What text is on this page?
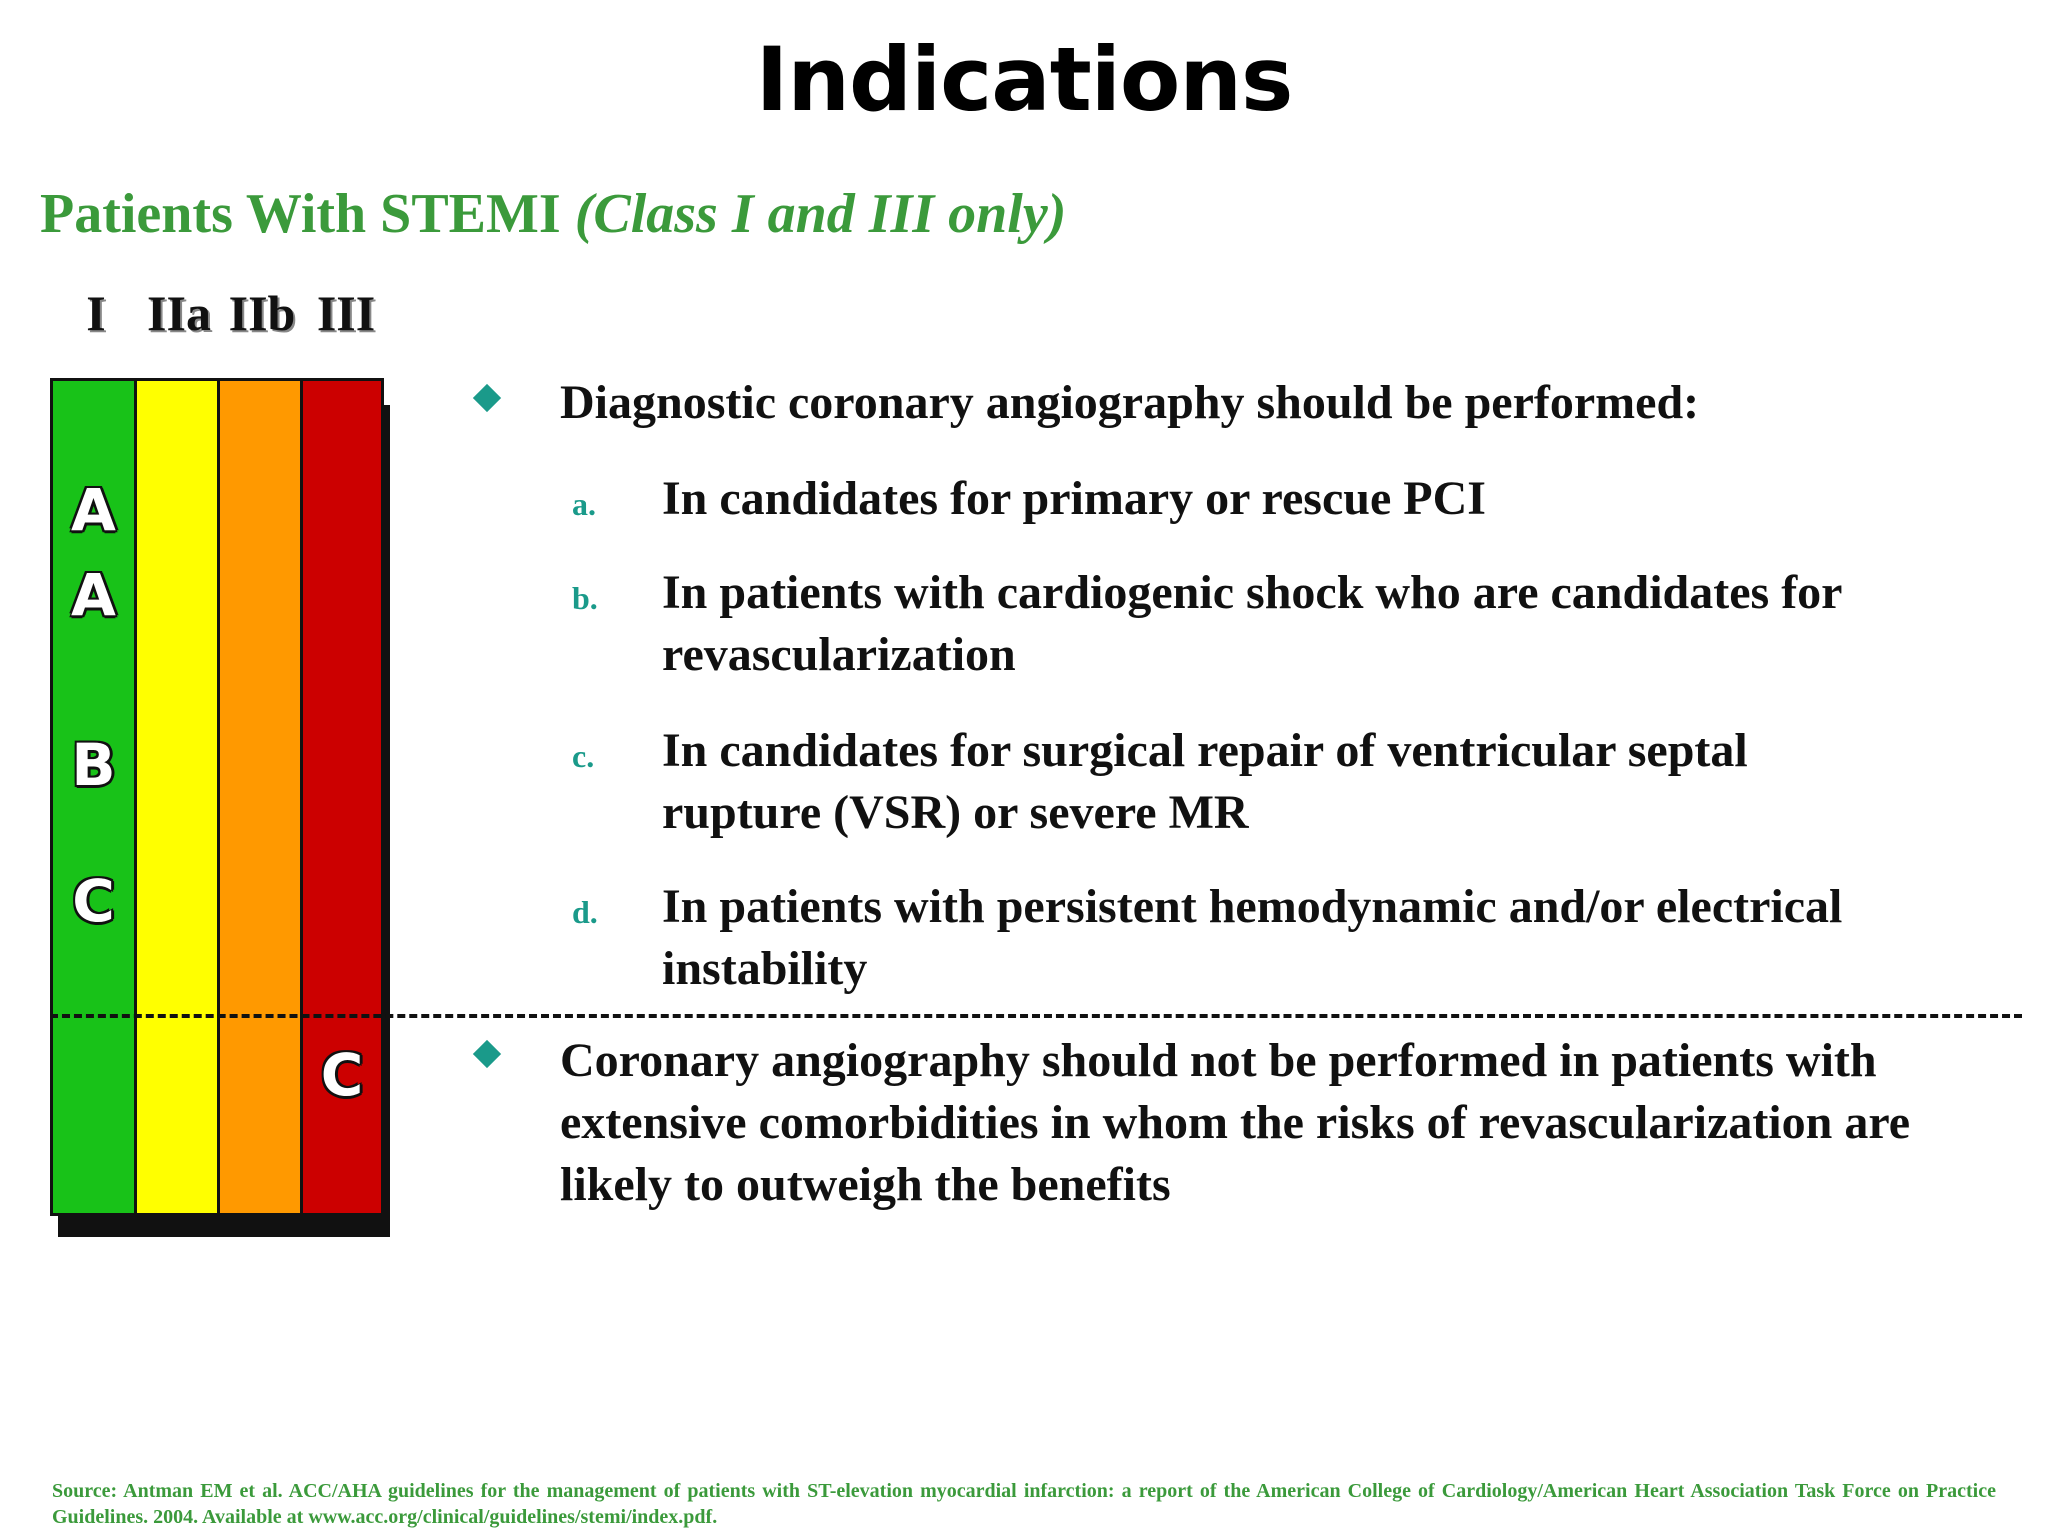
Indications
Patients With STEMI (Class I and III only)
I IIa IIb III
A
A
B
C
C
Diagnostic coronary angiography should be performed:
a. In candidates for primary or rescue PCI
b. In patients with cardiogenic shock who are candidates for revascularization
c. In candidates for surgical repair of ventricular septal rupture (VSR) or severe MR
d. In patients with persistent hemodynamic and/or electrical instability
Coronary angiography should not be performed in patients with extensive comorbidities in whom the risks of revascularization are likely to outweigh the benefits
Source: Antman EM et al. ACC/AHA guidelines for the management of patients with ST-elevation myocardial infarction: a report of the American College of Cardiology/American Heart Association Task Force on Practice Guidelines. 2004. Available at www.acc.org/clinical/guidelines/stemi/index.pdf.
